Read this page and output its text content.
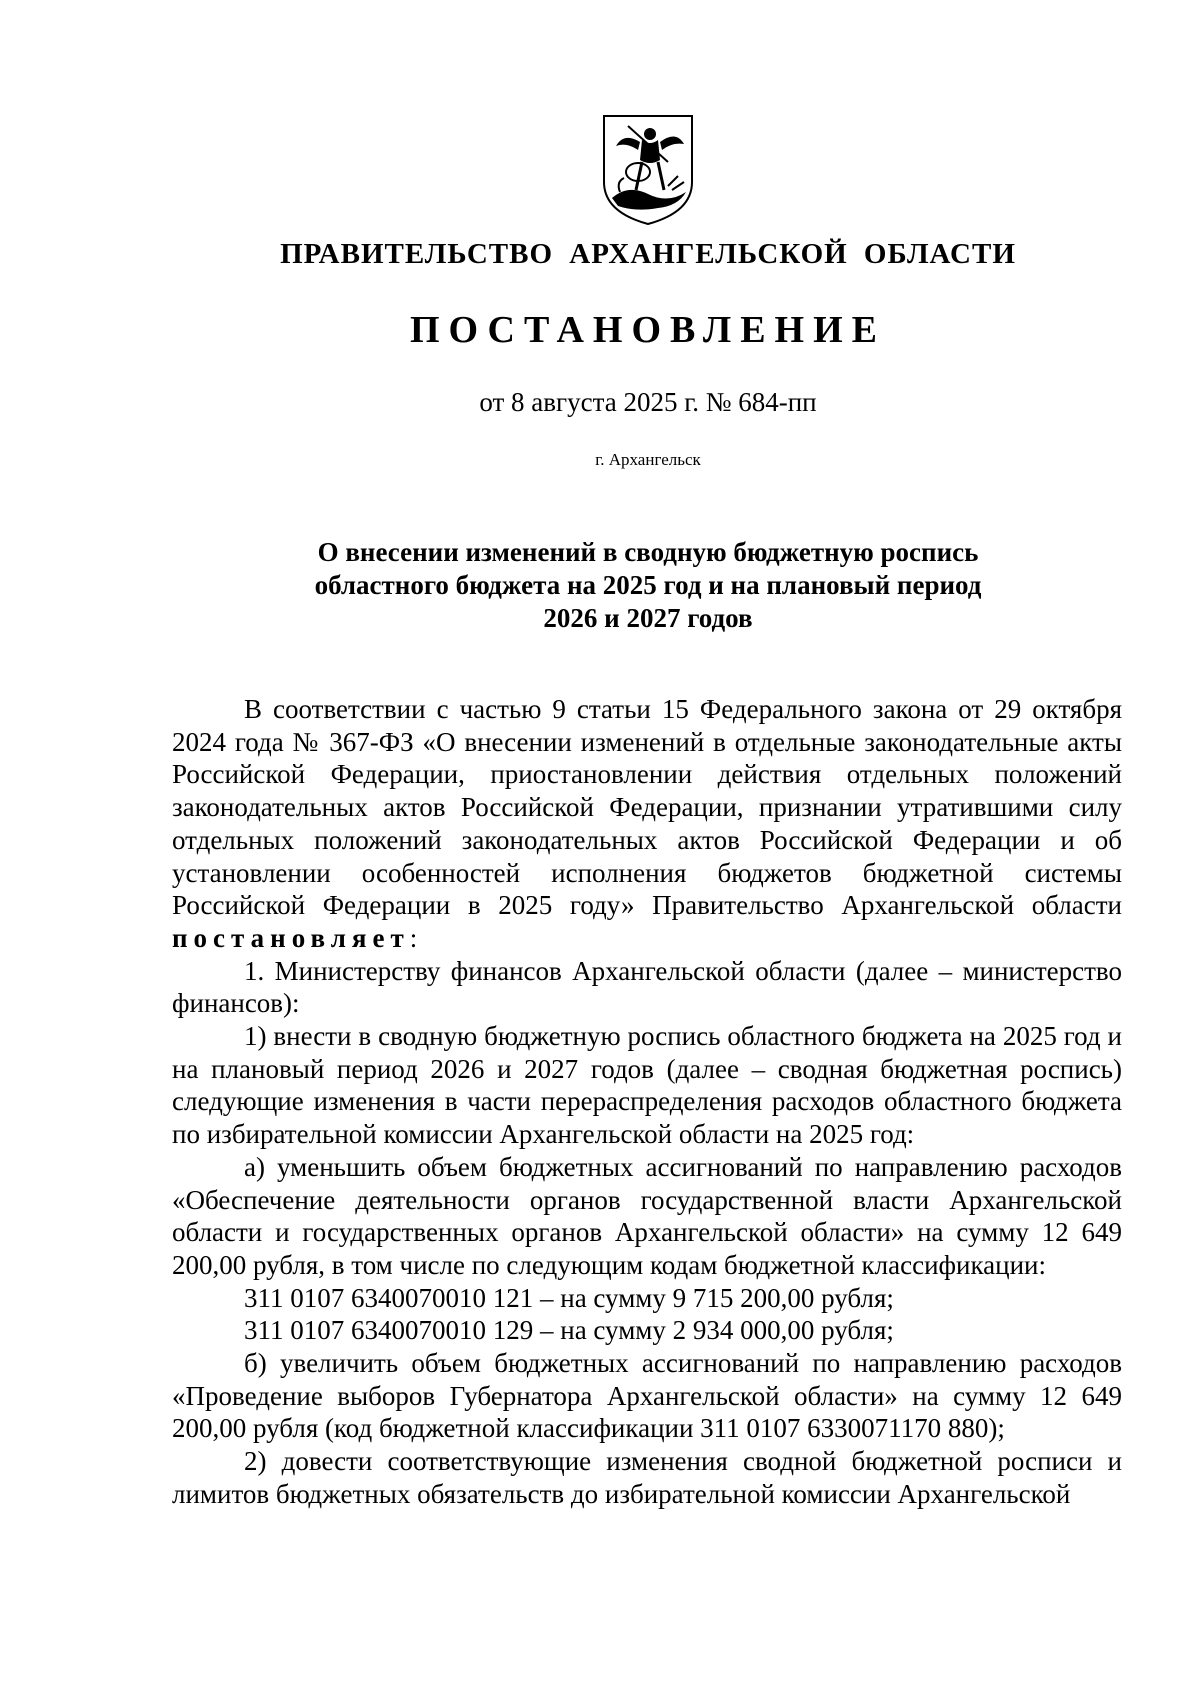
ПРАВИТЕЛЬСТВО АРХАНГЕЛЬСКОЙ ОБЛАСТИ
ПОСТАНОВЛЕНИЕ
от 8 августа 2025 г. № 684-пп
г. Архангельск
О внесении изменений в сводную бюджетную роспись
областного бюджета на 2025 год и на плановый период
2026 и 2027 годов

В соответствии с частью 9 статьи 15 Федерального закона от 29 октября 2024 года № 367-ФЗ «О внесении изменений в отдельные законодательные акты Российской Федерации, приостановлении действия отдельных положений законодательных актов Российской Федерации, признании утратившими силу отдельных положений законодательных актов Российской Федерации и об установлении особенностей исполнения бюджетов бюджетной системы Российской Федерации в 2025 году» Правительство Архангельской области постановляет:

1. Министерству финансов Архангельской области (далее – министерство финансов):

1) внести в сводную бюджетную роспись областного бюджета на 2025 год и на плановый период 2026 и 2027 годов (далее – сводная бюджетная роспись) следующие изменения в части перераспределения расходов областного бюджета по избирательной комиссии Архангельской области на 2025 год:

а) уменьшить объем бюджетных ассигнований по направлению расходов «Обеспечение деятельности органов государственной власти Архангельской области и государственных органов Архангельской области» на сумму 12 649 200,00 рубля, в том числе по следующим кодам бюджетной классификации:

311 0107 6340070010 121 – на сумму 9 715 200,00 рубля;

311 0107 6340070010 129 – на сумму 2 934 000,00 рубля;

б) увеличить объем бюджетных ассигнований по направлению расходов «Проведение выборов Губернатора Архангельской области» на сумму 12 649 200,00 рубля (код бюджетной классификации 311 0107 6330071170 880);

2) довести соответствующие изменения сводной бюджетной росписи и лимитов бюджетных обязательств до избирательной комиссии Архангельской
